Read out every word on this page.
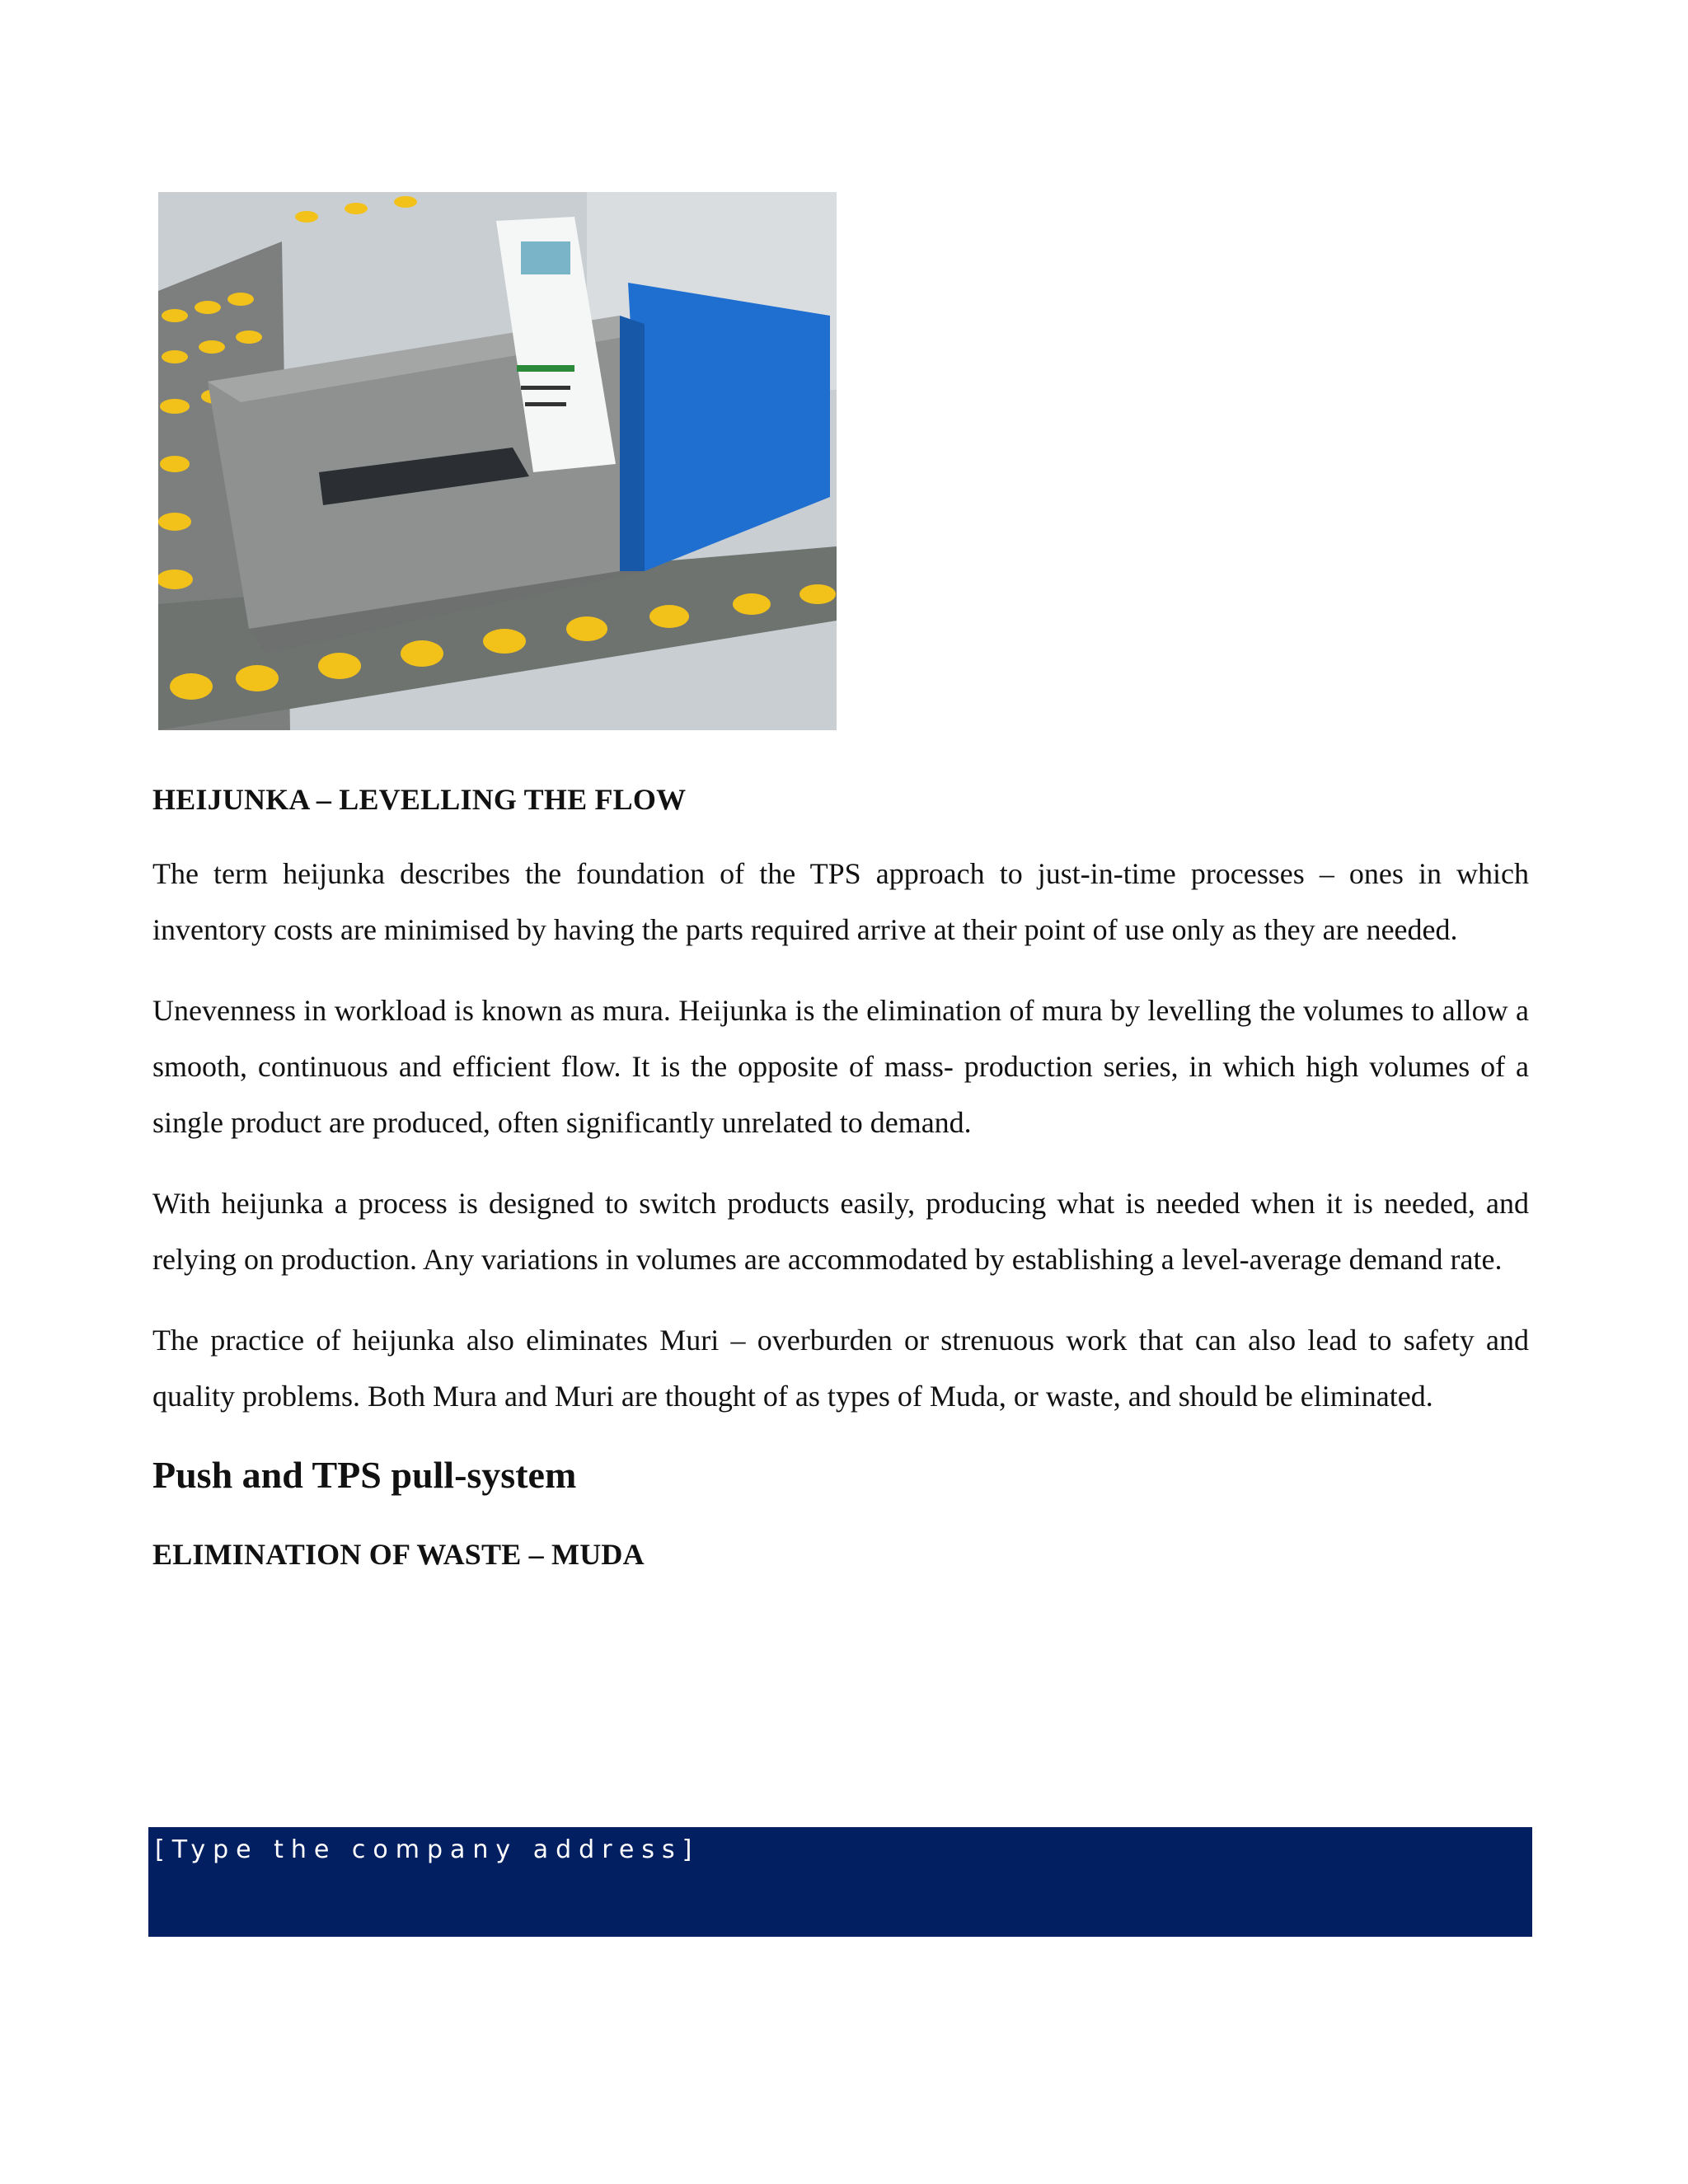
HEIJUNKA – LEVELLING THE FLOW

The term heijunka describes the foundation of the TPS approach to just-in-time processes – ones in which inventory costs are minimised by having the parts required arrive at their point of use only as they are needed.

Unevenness in workload is known as mura. Heijunka is the elimination of mura by levelling the volumes to allow a smooth, continuous and efficient flow. It is the opposite of mass- production series, in which high volumes of a single product are produced, often significantly unrelated to demand.

With heijunka a process is designed to switch products easily, producing what is needed when it is needed, and relying on production. Any variations in volumes are accommodated by establishing a level-average demand rate.

The practice of heijunka also eliminates Muri – overburden or strenuous work that can also lead to safety and quality problems. Both Mura and Muri are thought of as types of Muda, or waste, and should be eliminated.

Push and TPS pull-system
ELIMINATION OF WASTE – MUDA
[Type the company address]
